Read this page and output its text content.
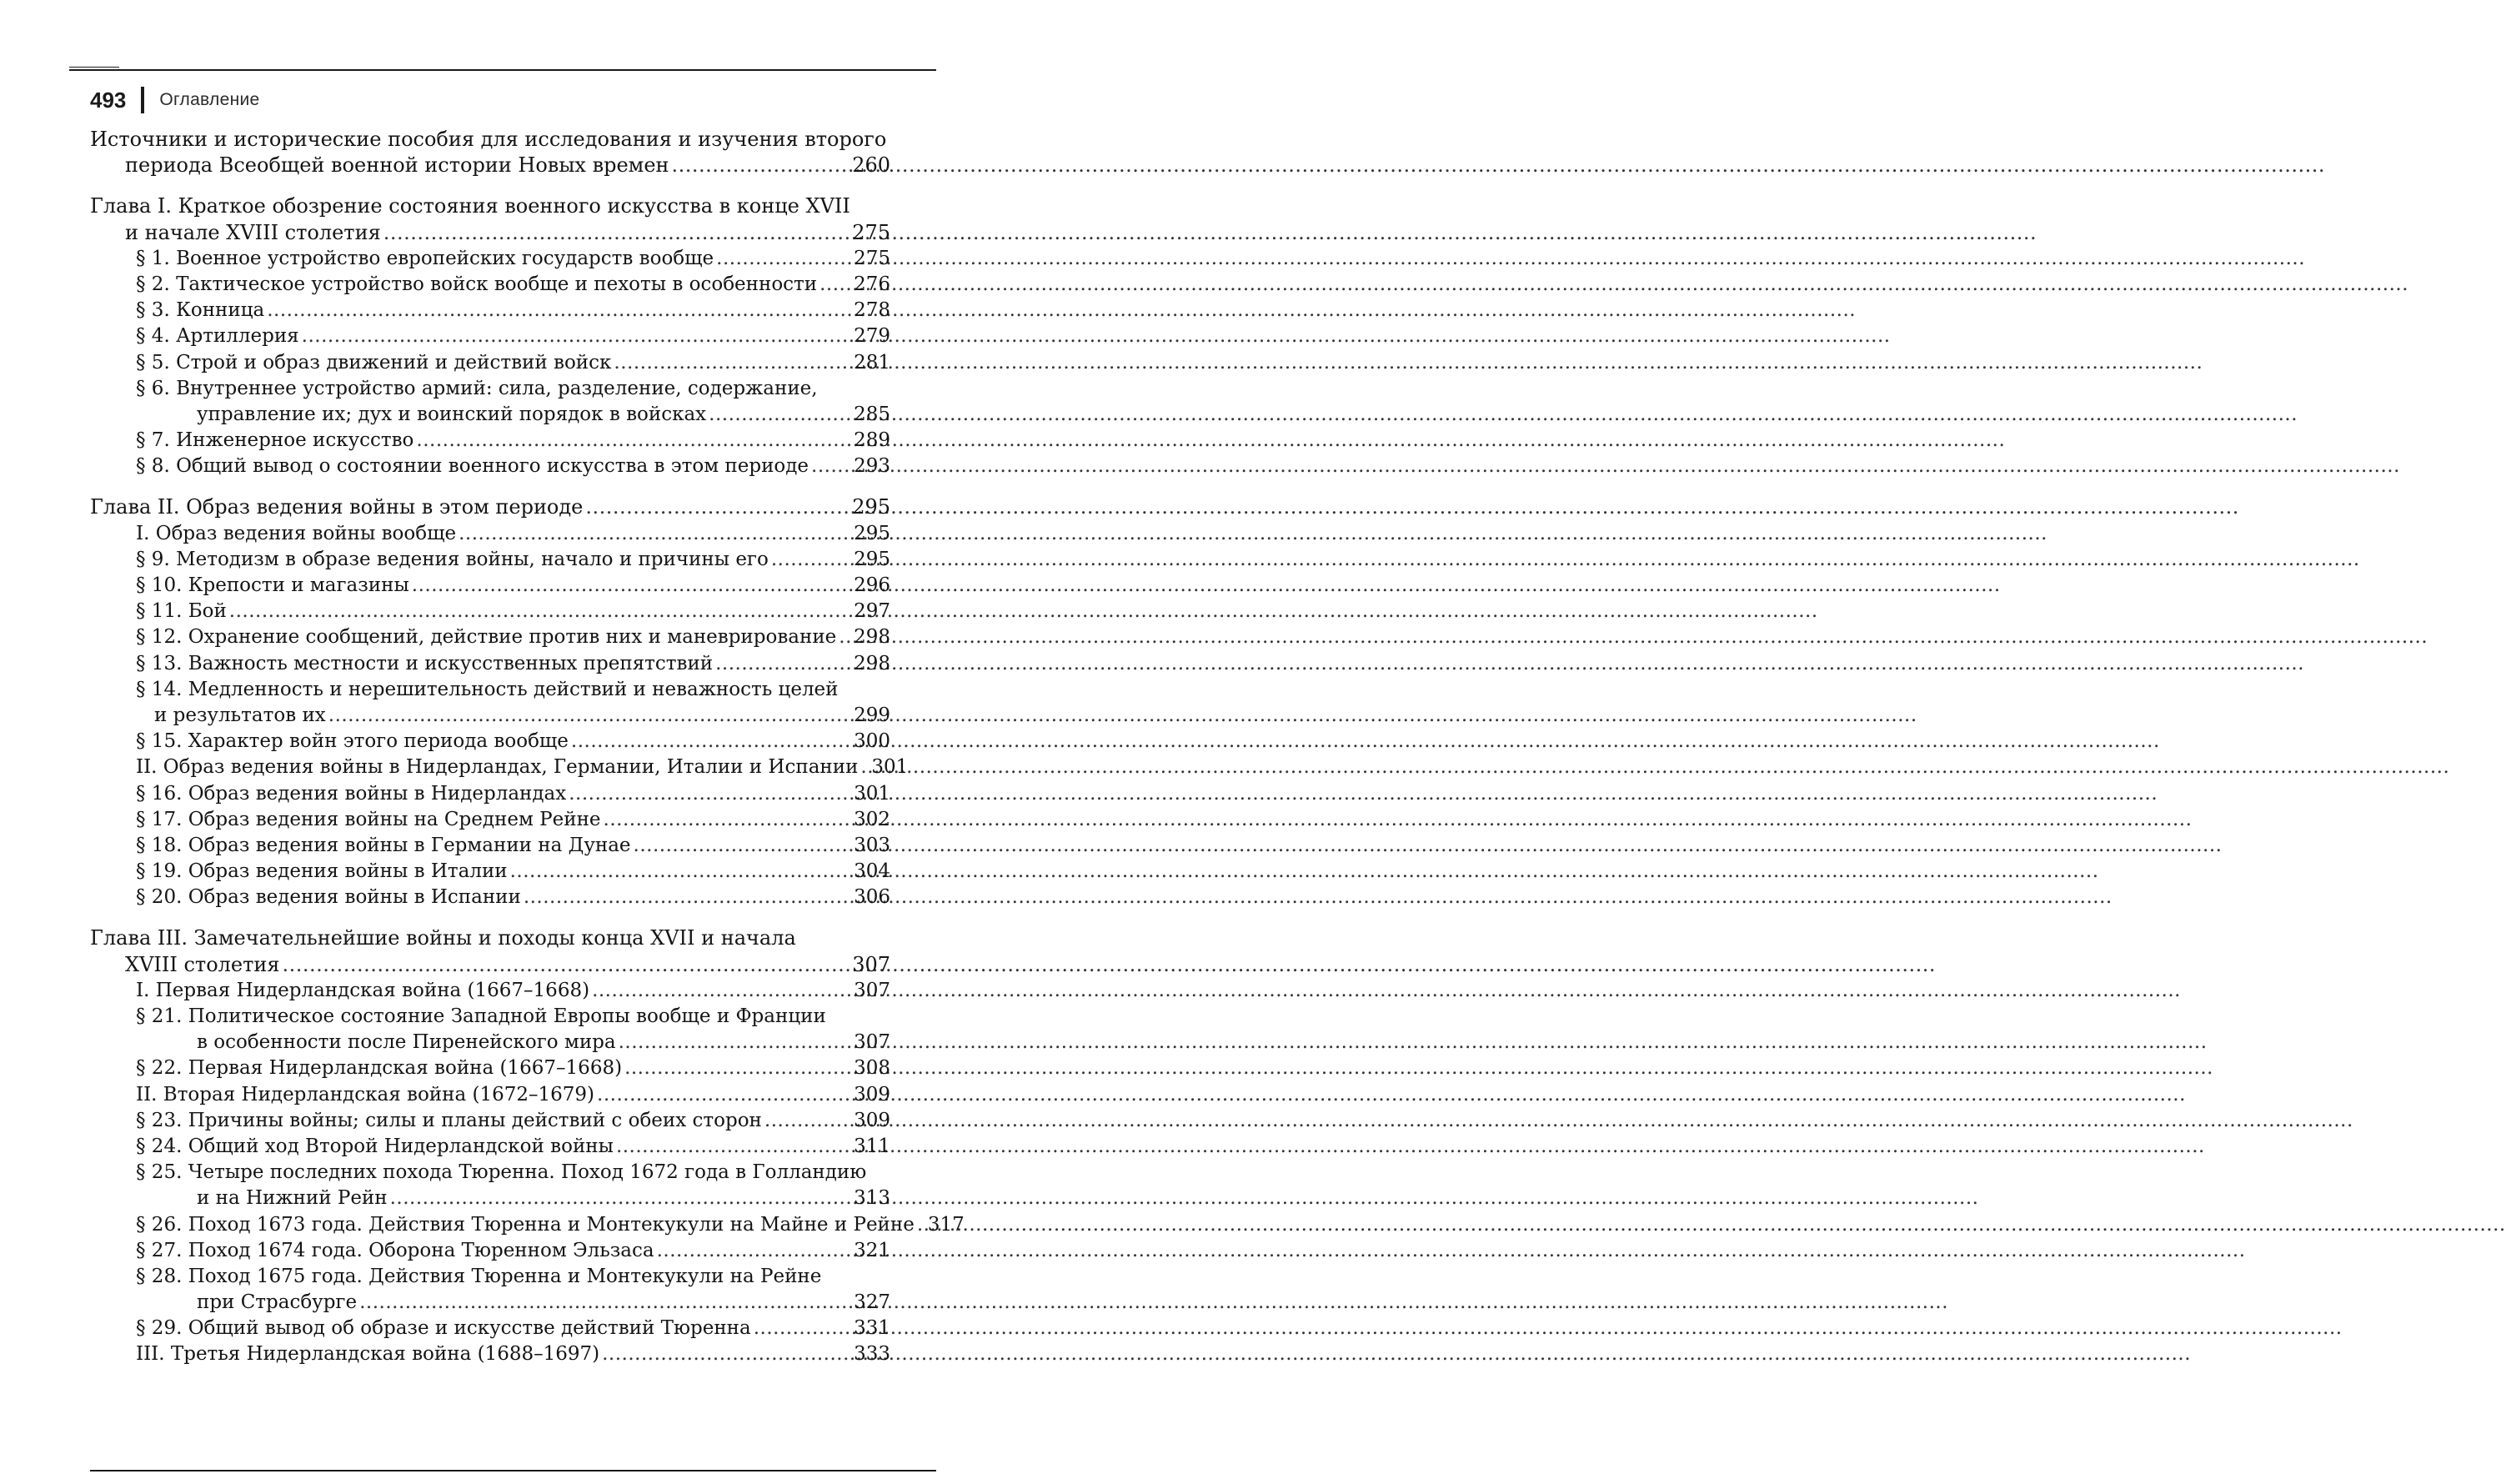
493 Оглавление
Источники и исторические пособия для исследования и изучения второго
периода Всеобщей военной истории Новых времен
.....	260
Глава I. Краткое обозрение состояния военного искусства в конце XVII
и начале XVIII столетия
.....	275
§ 1. Военное устройство европейских государств вообще
.....	275
§ 2. Тактическое устройство войск вообще и пехоты в особенности
..... 276
§ 3. Конница
.....	278
§ 4. Артиллерия
.....	279
§ 5. Строй и образ движений и действий войск
.....	281
§ 6. Внутреннее устройство армий: сила, разделение, содержание,
управление их; дух и воинский порядок в войсках
.....	285
§ 7. Инженерное искусство
.....	289
§ 8. Общий вывод о состоянии военного искусства в этом периоде
..... 293
Глава II. Образ ведения войны в этом периоде
.....	295
I. Образ ведения войны вообще
.....	295
§ 9. Методизм в образе ведения войны, начало и причины его
.....	295
§ 10. Крепости и магазины
.....	296
§ 11. Бой
.....	297
§ 12. Охранение сообщений, действие против них и маневрирование
..... 298
§ 13. Важность местности и искусственных препятствий
.....	298
§ 14. Медленность и нерешительность действий и неважность целей
и результатов их
.....	299
§ 15. Характер войн этого периода вообще
.....	300
II. Образ ведения войны в Нидерландах, Германии, Италии и Испании
..... 301
§ 16. Образ ведения войны в Нидерландах
.....	301
§ 17. Образ ведения войны на Среднем Рейне
.....	302
§ 18. Образ ведения войны в Германии на Дунае
.....	303
§ 19. Образ ведения войны в Италии
.....	304
§ 20. Образ ведения войны в Испании
.....	306
Глава III. Замечательнейшие войны и походы конца XVII и начала
XVIII столетия
.....	307
I. Первая Нидерландская война (1667–1668)
.....	307
§ 21. Политическое состояние Западной Европы вообще и Франции
в особенности после Пиренейского мира
.....	307
§ 22. Первая Нидерландская война (1667–1668)
.....	308
II. Вторая Нидерландская война (1672–1679)
.....	309
§ 23. Причины войны; силы и планы действий с обеих сторон
.....	309
§ 24. Общий ход Второй Нидерландской войны
.....	311
§ 25. Четыре последних похода Тюренна. Поход 1672 года в Голландию
и на Нижний Рейн
.....	313
§ 26. Поход 1673 года. Действия Тюренна и Монтекукули на Майне и Рейне
..... 317
§ 27. Поход 1674 года. Оборона Тюренном Эльзаса
.....	321
§ 28. Поход 1675 года. Действия Тюренна и Монтекукули на Рейне
при Страсбурге
.....	327
§ 29. Общий вывод об образе и искусстве действий Тюренна
.....	331
III. Третья Нидерландская война (1688–1697)
.....	333
